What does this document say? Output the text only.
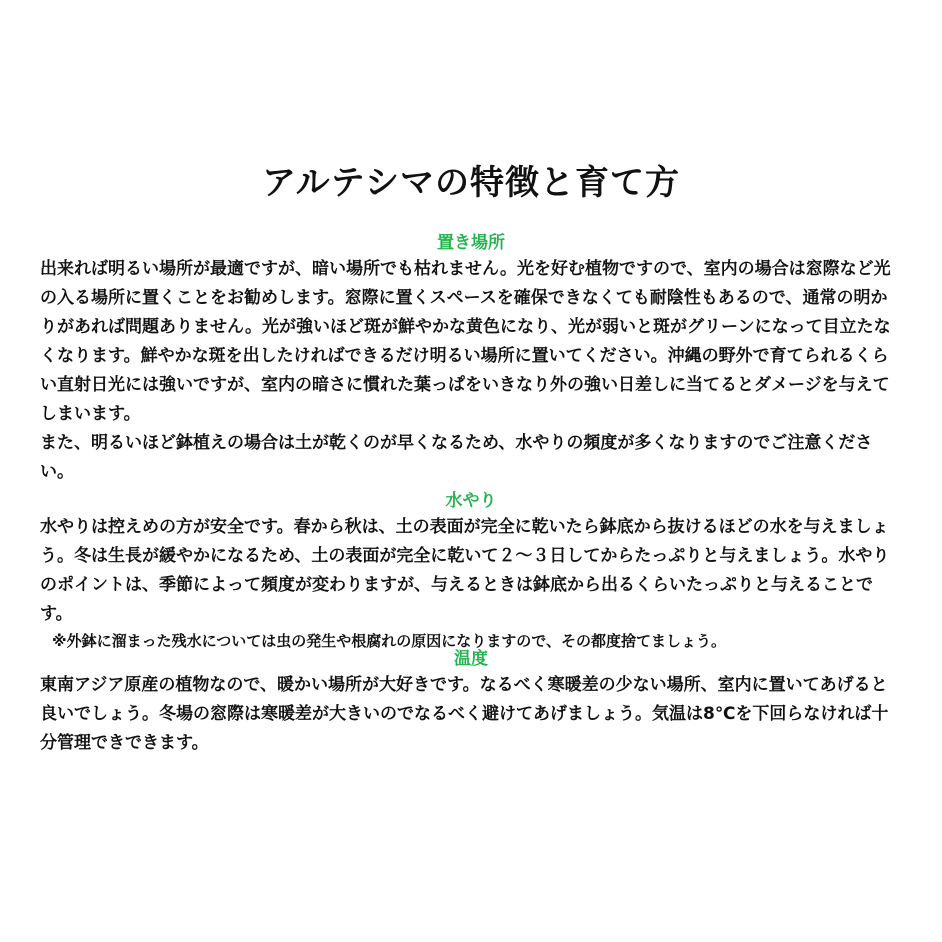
アルテシマの特徴と育て方
置き場所

出来れば明るい場所が最適ですが、暗い場所でも枯れません。光を好む植物ですので、室内の場合は窓際など光の入る場所に置くことをお勧めします。窓際に置くスペースを確保できなくても耐陰性もあるので、通常の明かりがあれば問題ありません。光が強いほど斑が鮮やかな黄色になり、光が弱いと斑がグリーンになって目立たなくなります。鮮やかな斑を出したければできるだけ明るい場所に置いてください。沖縄の野外で育てられるくらい直射日光には強いですが、室内の暗さに慣れた葉っぱをいきなり外の強い日差しに当てるとダメージを与えてしまいます。

また、明るいほど鉢植えの場合は土が乾くのが早くなるため、水やりの頻度が多くなりますのでご注意ください。

水やり

水やりは控えめの方が安全です。春から秋は、土の表面が完全に乾いたら鉢底から抜けるほどの水を与えましょう。冬は生長が緩やかになるため、土の表面が完全に乾いて２～３日してからたっぷりと与えましょう。水やりのポイントは、季節によって頻度が変わりますが、与えるときは鉢底から出るくらいたっぷりと与えることです。

※外鉢に溜まった残水については虫の発生や根腐れの原因になりますので、その都度捨てましょう。
温度

東南アジア原産の植物なので、暖かい場所が大好きです。なるべく寒暖差の少ない場所、室内に置いてあげると良いでしょう。冬場の窓際は寒暖差が大きいのでなるべく避けてあげましょう。気温は8℃を下回らなければ十分管理できできます。
